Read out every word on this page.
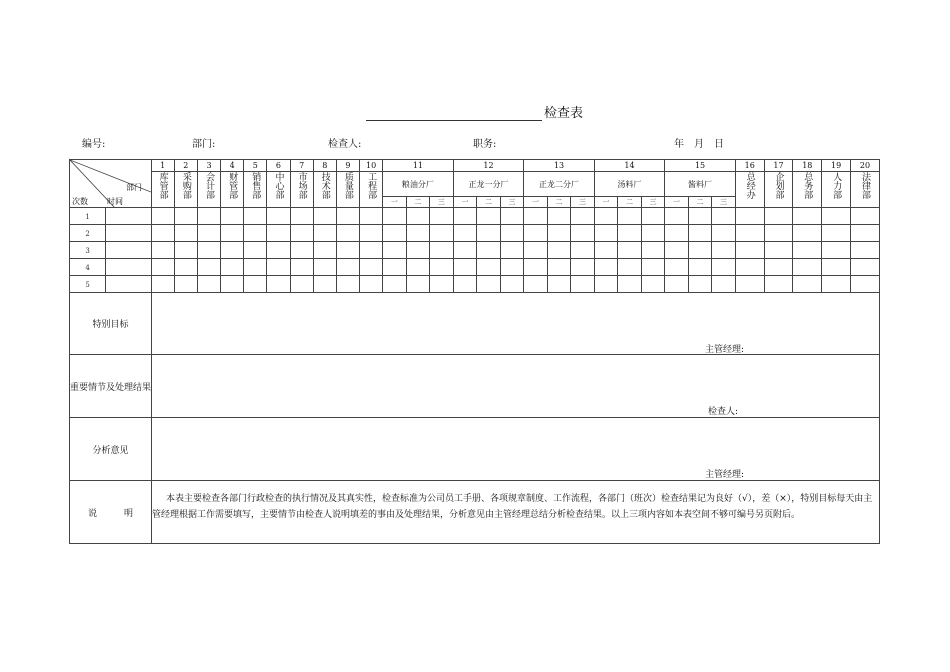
检查表
编号:	部门:	检查人:	职务:	年　月　日
部门
次数 时间		1	2	3	4	5	6	7	8	9	10	11			12			13			14			15			16	17	18	19	20
		库管部	采购部	会计部	财管部	销售部	中心部	市场部	技术部	质量部	工程部	粮油分厂			正龙一分厂			正龙二分厂			汤料厂			酱料厂			总经办	企划部	总务部	人力部	法律部

												一	二	三	一	二	三	一	二	三	一	二	三	一	二	三					
1																															
2																															
3																															
4																															
5																															
特别目标
主管经理:
重要情节及处理结果
检查人:
分析意见
主管经理:
说　　　明
本表主要检查各部门行政检查的执行情况及其真实性，检查标准为公司员工手册、各项规章制度、工作流程，各部门（班次）检查结果记为良好（√），差（×），特别目标每天由主管经理根据工作需要填写，主要情节由检查人说明填差的事由及处理结果，分析意见由主管经理总结分析检查结果。以上三项内容如本表空间不够可编号另页附后。
